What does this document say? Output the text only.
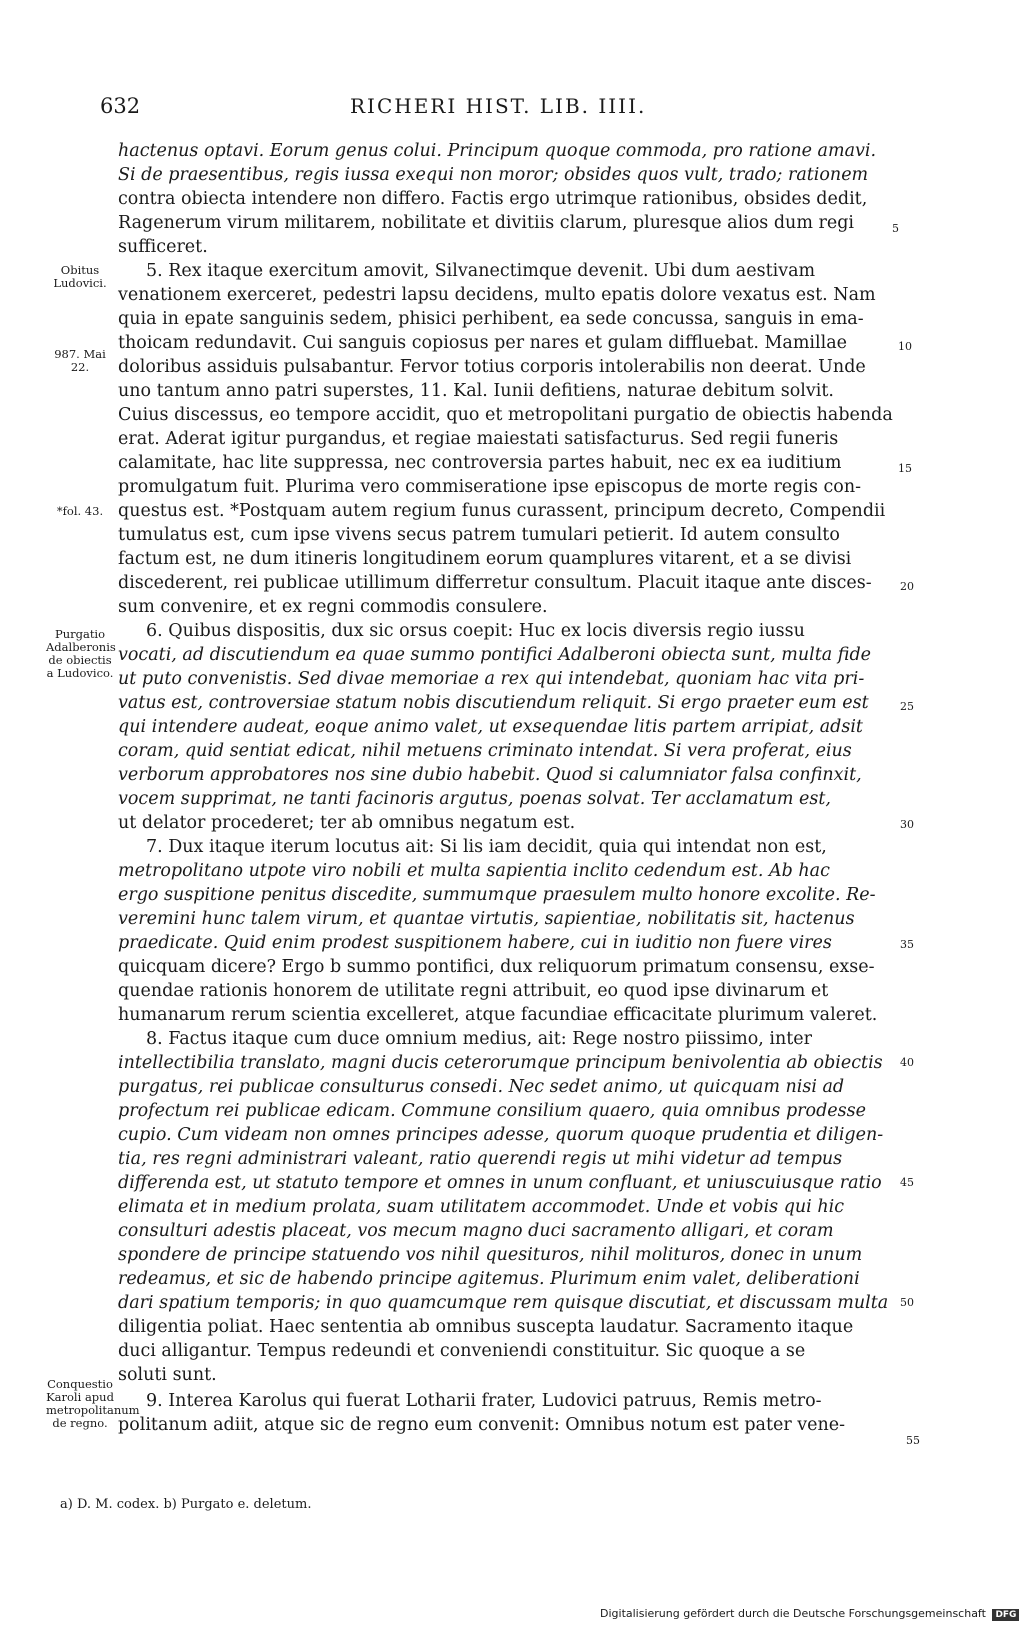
632	RICHERI HIST. LIB. IIII.
Obitus Ludovici.
987. Mai 22.
*fol. 43.
Purgatio Adalberonis de obiectis a Ludovico.
Conquestio Karoli apud metropolitanum de regno.
5
10
15
20
25
30
35
40
45
50
55
hactenus optavi. Eorum genus colui. Principum quoque commoda, pro ratione amavi.
Si de praesentibus, regis iussa exequi non moror; obsides quos vult, trado; rationem
contra obiecta intendere non differo. Factis ergo utrimque rationibus, obsides dedit,
Ragenerum virum militarem, nobilitate et divitiis clarum, pluresque alios dum regi
sufficeret.
5. Rex itaque exercitum amovit, Silvanectimque devenit. Ubi dum aestivam
venationem exerceret, pedestri lapsu decidens, multo epatis dolore vexatus est. Nam
quia in epate sanguinis sedem, phisici perhibent, ea sede concussa, sanguis in ema-
thoicam redundavit. Cui sanguis copiosus per nares et gulam diffluebat. Mamillae
doloribus assiduis pulsabantur. Fervor totius corporis intolerabilis non deerat. Unde
uno tantum anno patri superstes, 11. Kal. Iunii defitiens, naturae debitum solvit.
Cuius discessus, eo tempore accidit, quo et metropolitani purgatio de obiectis habenda
erat. Aderat igitur purgandus, et regiae maiestati satisfacturus. Sed regii funeris
calamitate, hac lite suppressa, nec controversia partes habuit, nec ex ea iuditium
promulgatum fuit. Plurima vero commiseratione ipse episcopus de morte regis con-
questus est. *Postquam autem regium funus curassent, principum decreto, Compendii
tumulatus est, cum ipse vivens secus patrem tumulari petierit. Id autem consulto
factum est, ne dum itineris longitudinem eorum quamplures vitarent, et a se divisi
discederent, rei publicae utillimum differretur consultum. Placuit itaque ante disces-
sum convenire, et ex regni commodis consulere.
6. Quibus dispositis, dux sic orsus coepit: Huc ex locis diversis regio iussu
vocati, ad discutiendum ea quae summo pontifici Adalberoni obiecta sunt, multa fide
ut puto convenistis. Sed divae memoriae a rex qui intendebat, quoniam hac vita pri-
vatus est, controversiae statum nobis discutiendum reliquit. Si ergo praeter eum est
qui intendere audeat, eoque animo valet, ut exsequendae litis partem arripiat, adsit
coram, quid sentiat edicat, nihil metuens criminato intendat. Si vera proferat, eius
verborum approbatores nos sine dubio habebit. Quod si calumniator falsa confinxit,
vocem supprimat, ne tanti facinoris argutus, poenas solvat. Ter acclamatum est,
ut delator procederet; ter ab omnibus negatum est.
7. Dux itaque iterum locutus ait: Si lis iam decidit, quia qui intendat non est,
metropolitano utpote viro nobili et multa sapientia inclito cedendum est. Ab hac
ergo suspitione penitus discedite, summumque praesulem multo honore excolite. Re-
veremini hunc talem virum, et quantae virtutis, sapientiae, nobilitatis sit, hactenus
praedicate. Quid enim prodest suspitionem habere, cui in iuditio non fuere vires
quicquam dicere? Ergo b summo pontifici, dux reliquorum primatum consensu, exse-
quendae rationis honorem de utilitate regni attribuit, eo quod ipse divinarum et
humanarum rerum scientia excelleret, atque facundiae efficacitate plurimum valeret.
8. Factus itaque cum duce omnium medius, ait: Rege nostro piissimo, inter
intellectibilia translato, magni ducis ceterorumque principum benivolentia ab obiectis
purgatus, rei publicae consulturus consedi. Nec sedet animo, ut quicquam nisi ad
profectum rei publicae edicam. Commune consilium quaero, quia omnibus prodesse
cupio. Cum videam non omnes principes adesse, quorum quoque prudentia et diligen-
tia, res regni administrari valeant, ratio querendi regis ut mihi videtur ad tempus
differenda est, ut statuto tempore et omnes in unum confluant, et uniuscuiusque ratio
elimata et in medium prolata, suam utilitatem accommodet. Unde et vobis qui hic
consulturi adestis placeat, vos mecum magno duci sacramento alligari, et coram
spondere de principe statuendo vos nihil quesituros, nihil molituros, donec in unum
redeamus, et sic de habendo principe agitemus. Plurimum enim valet, deliberationi
dari spatium temporis; in quo quamcumque rem quisque discutiat, et discussam multa
diligentia poliat. Haec sententia ab omnibus suscepta laudatur. Sacramento itaque
duci alligantur. Tempus redeundi et conveniendi constituitur. Sic quoque a se
soluti sunt.
9. Interea Karolus qui fuerat Lotharii frater, Ludovici patruus, Remis metro-
politanum adiit, atque sic de regno eum convenit: Omnibus notum est pater vene-
a) D. M. codex. b) Purgato e. deletum.
Digitalisierung gefördert durch die Deutsche Forschungsgemeinschaft DFG
